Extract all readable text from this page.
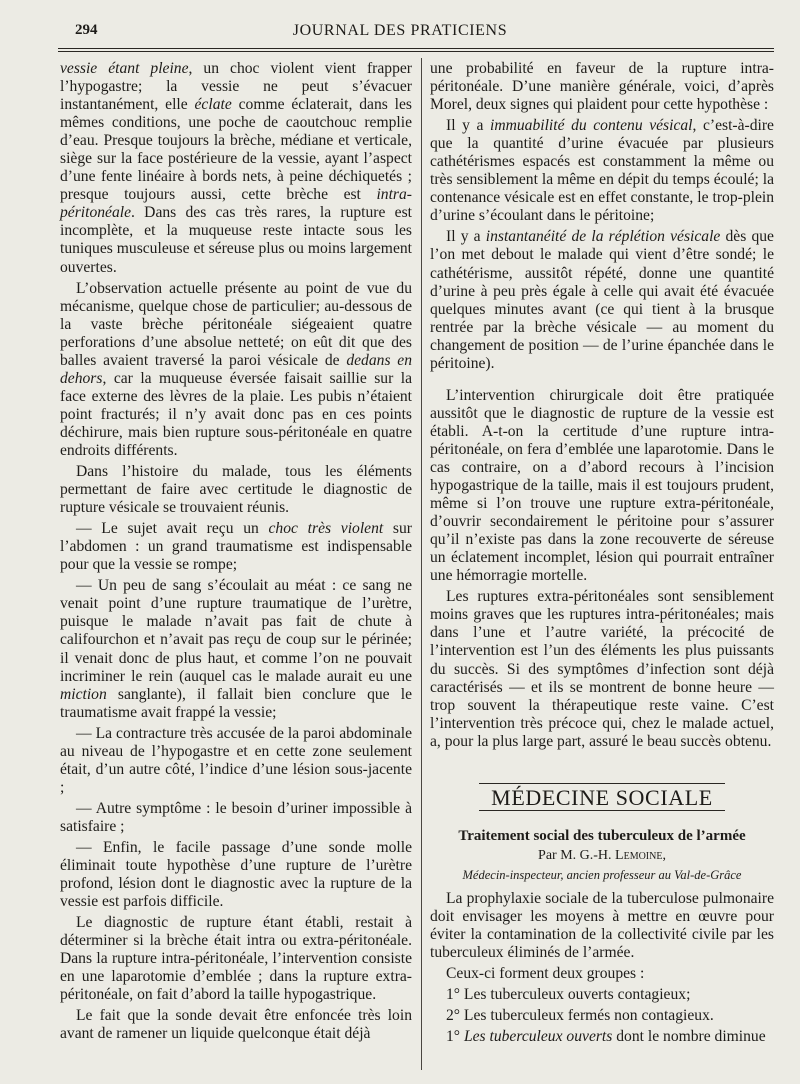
294	JOURNAL DES PRATICIENS

vessie étant pleine, un choc violent vient frapper l’hypogastre; la vessie ne peut s’évacuer instantanément, elle éclate comme éclaterait, dans les mêmes conditions, une poche de caoutchouc remplie d’eau. Presque toujours la brèche, médiane et verticale, siège sur la face postérieure de la vessie, ayant l’aspect d’une fente linéaire à bords nets, à peine déchiquetés ; presque toujours aussi, cette brèche est intra-péritonéale. Dans des cas très rares, la rupture est incomplète, et la muqueuse reste intacte sous les tuniques musculeuse et séreuse plus ou moins largement ouvertes.

L’observation actuelle présente au point de vue du mécanisme, quelque chose de particulier; au-dessous de la vaste brèche péritonéale siégeaient quatre perforations d’une absolue netteté; on eût dit que des balles avaient traversé la paroi vésicale de dedans en dehors, car la muqueuse éversée faisait saillie sur la face externe des lèvres de la plaie. Les pubis n’étaient point fracturés; il n’y avait donc pas en ces points déchirure, mais bien rupture sous-péritonéale en quatre endroits différents.

Dans l’histoire du malade, tous les éléments permettant de faire avec certitude le diagnostic de rupture vésicale se trouvaient réunis.

— Le sujet avait reçu un choc très violent sur l’abdomen : un grand traumatisme est indispensable pour que la vessie se rompe;

— Un peu de sang s’écoulait au méat : ce sang ne venait point d’une rupture traumatique de l’urètre, puisque le malade n’avait pas fait de chute à califourchon et n’avait pas reçu de coup sur le périnée; il venait donc de plus haut, et comme l’on ne pouvait incriminer le rein (auquel cas le malade aurait eu une miction sanglante), il fallait bien conclure que le traumatisme avait frappé la vessie;

— La contracture très accusée de la paroi abdominale au niveau de l’hypogastre et en cette zone seulement était, d’un autre côté, l’indice d’une lésion sous-jacente ;

— Autre symptôme : le besoin d’uriner impossible à satisfaire ;

— Enfin, le facile passage d’une sonde molle éliminait toute hypothèse d’une rupture de l’urètre profond, lésion dont le diagnostic avec la rupture de la vessie est parfois difficile.

Le diagnostic de rupture étant établi, restait à déterminer si la brèche était intra ou extra-péritonéale. Dans la rupture intra-péritonéale, l’intervention consiste en une laparotomie d’emblée ; dans la rupture extra-péritonéale, on fait d’abord la taille hypogastrique.

Le fait que la sonde devait être enfoncée très loin avant de ramener un liquide quelconque était déjà

une probabilité en faveur de la rupture intra-péritonéale. D’une manière générale, voici, d’après Morel, deux signes qui plaident pour cette hypothèse :

Il y a immuabilité du contenu vésical, c’est-à-dire que la quantité d’urine évacuée par plusieurs cathétérismes espacés est constamment la même ou très sensiblement la même en dépit du temps écoulé; la contenance vésicale est en effet constante, le trop-plein d’urine s’écoulant dans le péritoine;

Il y a instantanéité de la réplétion vésicale dès que l’on met debout le malade qui vient d’être sondé; le cathétérisme, aussitôt répété, donne une quantité d’urine à peu près égale à celle qui avait été évacuée quelques minutes avant (ce qui tient à la brusque rentrée par la brèche vésicale — au moment du changement de position — de l’urine épanchée dans le péritoine).

L’intervention chirurgicale doit être pratiquée aussitôt que le diagnostic de rupture de la vessie est établi. A-t-on la certitude d’une rupture intra-péritonéale, on fera d’emblée une laparotomie. Dans le cas contraire, on a d’abord recours à l’incision hypogastrique de la taille, mais il est toujours prudent, même si l’on trouve une rupture extra-péritonéale, d’ouvrir secondairement le péritoine pour s’assurer qu’il n’existe pas dans la zone recouverte de séreuse un éclatement incomplet, lésion qui pourrait entraîner une hémorragie mortelle.

Les ruptures extra-péritonéales sont sensiblement moins graves que les ruptures intra-péritonéales; mais dans l’une et l’autre variété, la précocité de l’intervention est l’un des éléments les plus puissants du succès. Si des symptômes d’infection sont déjà caractérisés — et ils se montrent de bonne heure — trop souvent la thérapeutique reste vaine. C’est l’intervention très précoce qui, chez le malade actuel, a, pour la plus large part, assuré le beau succès obtenu.

MÉDECINE SOCIALE
Traitement social des tuberculeux de l’armée
Par M. G.-H. Lemoine,
Médecin-inspecteur, ancien professeur au Val-de-Grâce

La prophylaxie sociale de la tuberculose pulmonaire doit envisager les moyens à mettre en œuvre pour éviter la contamination de la collectivité civile par les tuberculeux éliminés de l’armée.

Ceux-ci forment deux groupes :

1° Les tuberculeux ouverts contagieux;

2° Les tuberculeux fermés non contagieux.

1° Les tuberculeux ouverts dont le nombre diminue
